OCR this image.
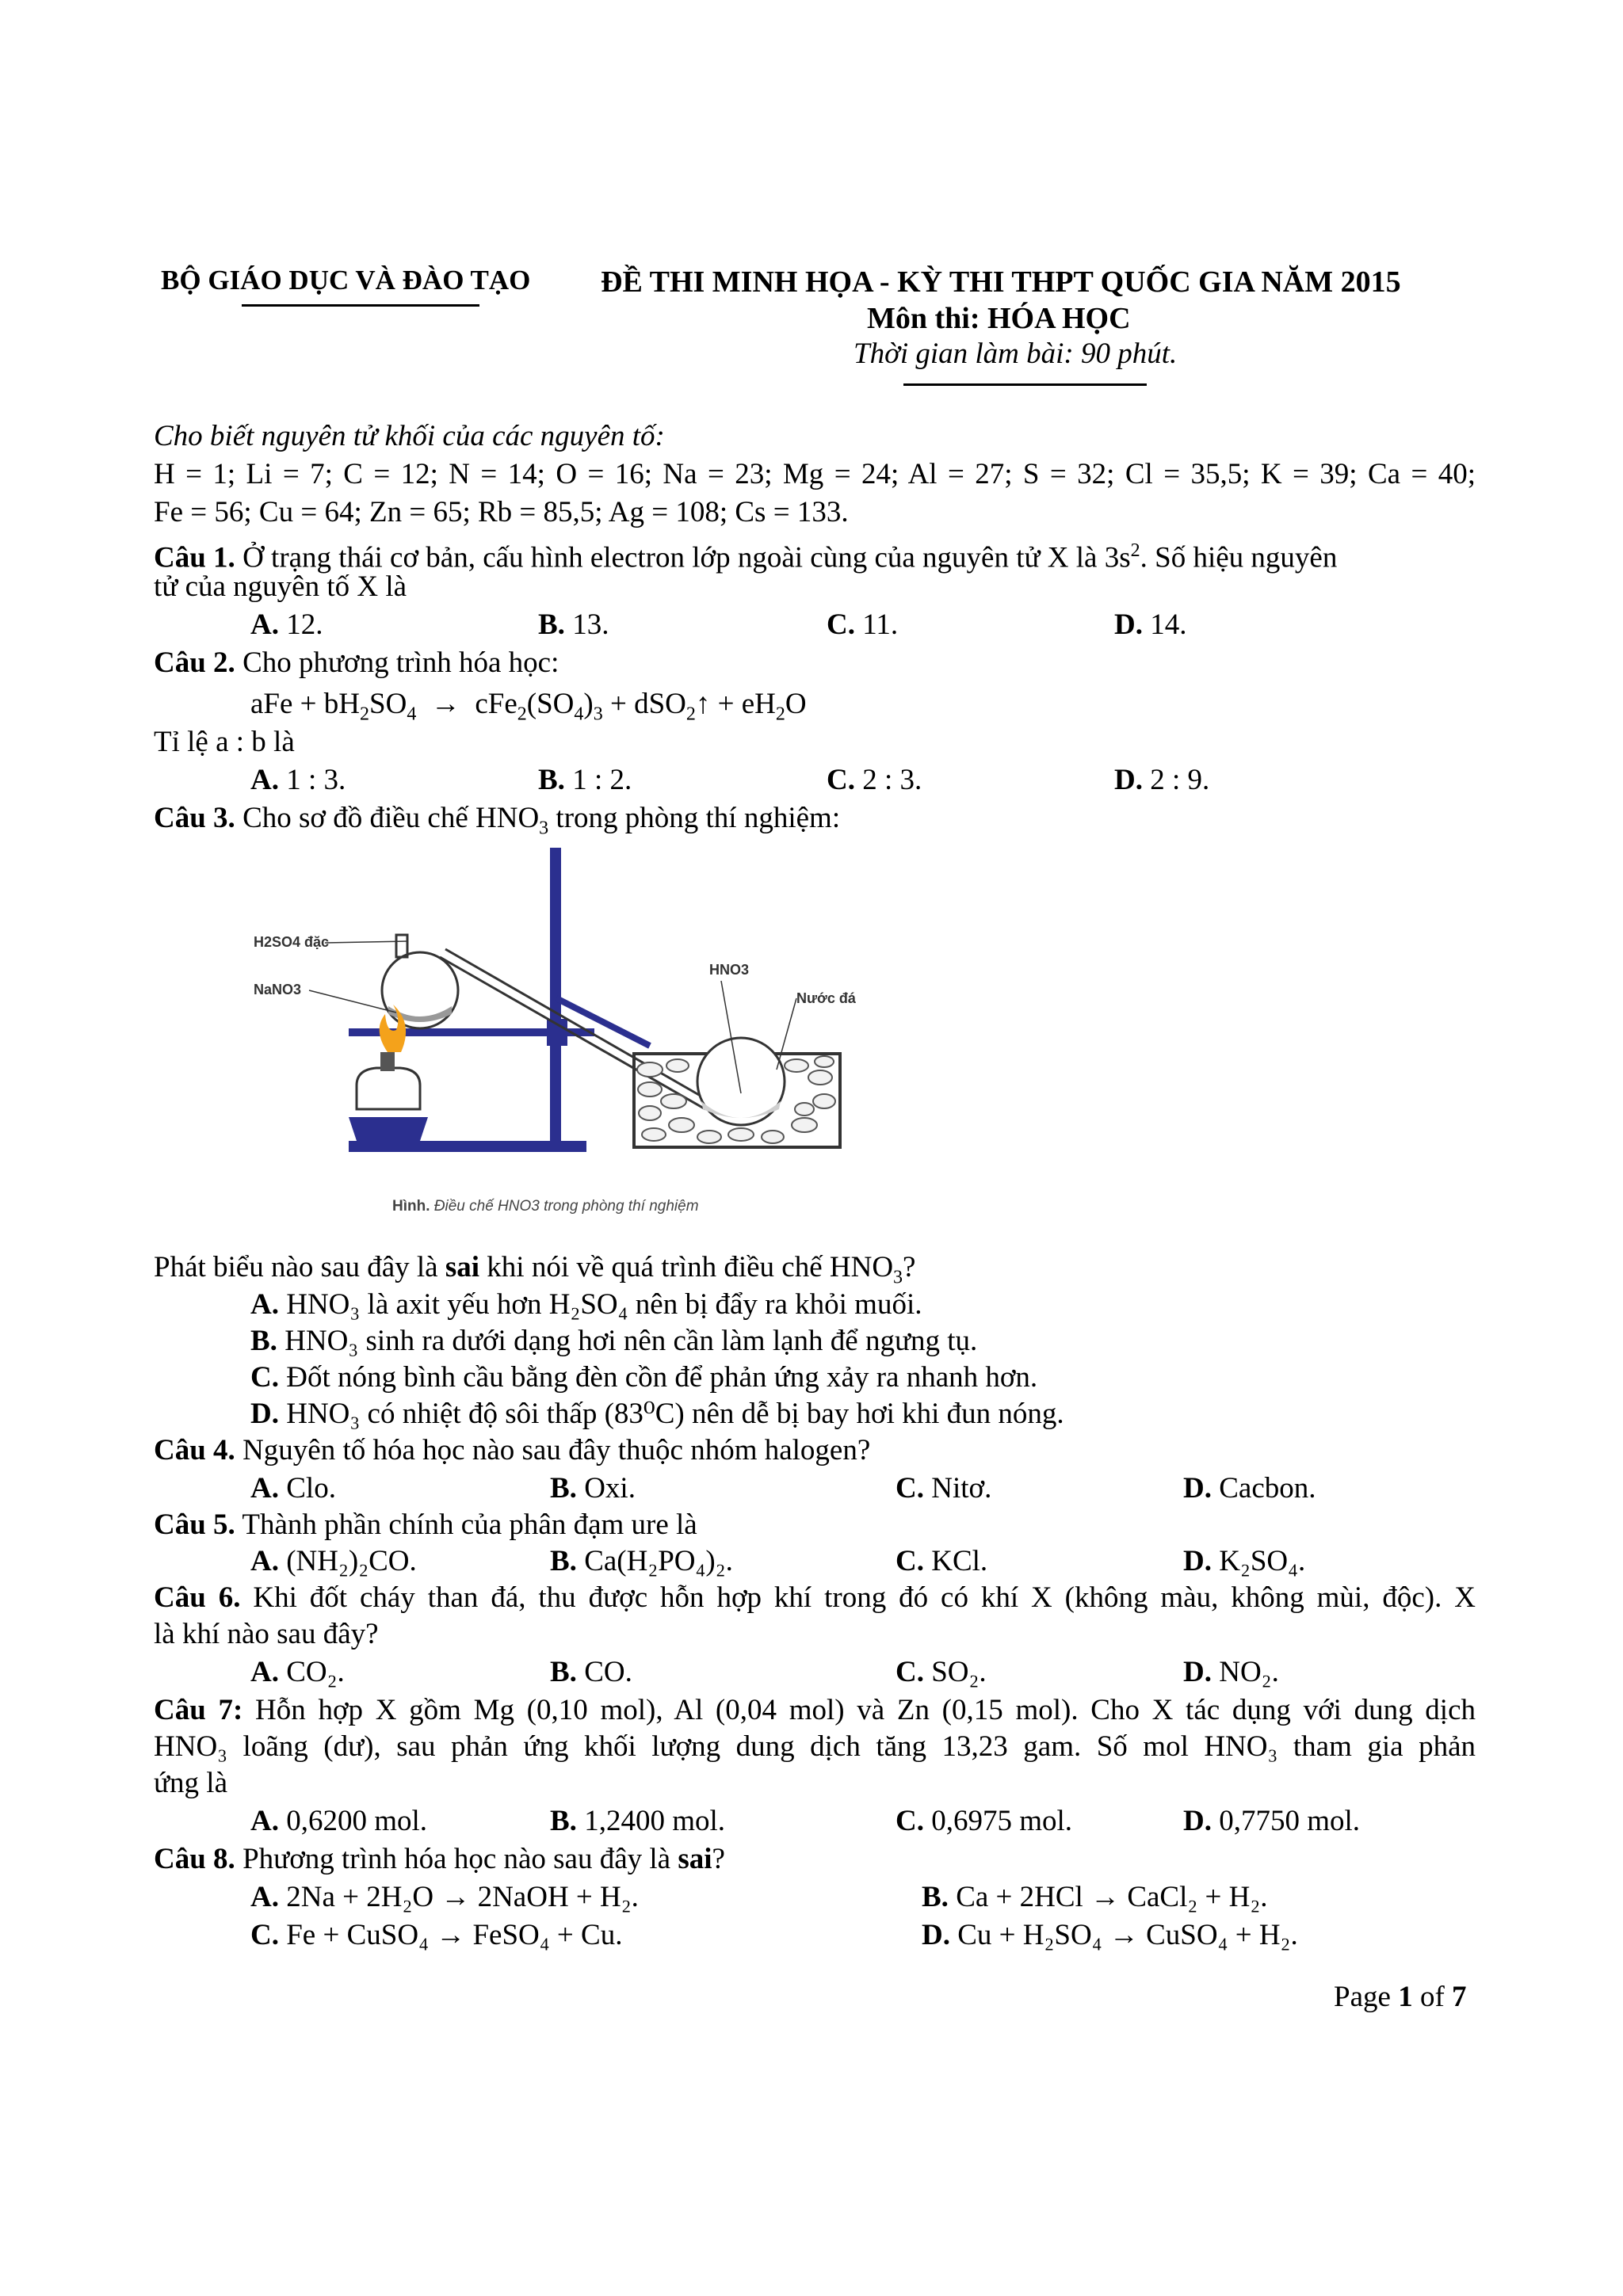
BỘ GIÁO DỤC VÀ ĐÀO TẠO ĐỀ THI MINH HỌA - KỲ THI THPT QUỐC GIA NĂM 2015
Môn thi: HÓA HỌC
Thời gian làm bài: 90 phút.
Cho biết nguyên tử khối của các nguyên tố:
H = 1; Li = 7; C = 12; N = 14; O = 16; Na = 23; Mg = 24; Al = 27; S = 32; Cl = 35,5; K = 39; Ca = 40;
Fe = 56; Cu = 64; Zn = 65; Rb = 85,5; Ag = 108; Cs = 133.
Câu 1. Ở trạng thái cơ bản, cấu hình electron lớp ngoài cùng của nguyên tử X là $3s^2$. Số hiệu nguyên
tử của nguyên tố X là
A. 12.	B. 13.	C. 11.	D. 14.
Câu 2. Cho phương trình hóa học:
aFe + $bH_2SO_4 \to cFe_2(SO_4)_3$ + dSO$_2$↑ + $eH_2O$
Tỉ lệ a : b là
A. 1 : 3.	B. 1 : 2.	C. 2 : 3.	D. 2 : 9.
Câu 3. Cho sơ đồ điều chế $HNO_3$ trong phòng thí nghiệm:
H2SO4 đặc
NaNO3
HNO3
Nước đá
Hình. Điều chế HNO3 trong phòng thí nghiệm
Phát biểu nào sau đây là sai khi nói về quá trình điều chế $HNO_3$?
A. HNO₃ là axit yếu hơn H₂SO₄ nên bị đẩy ra khỏi muối.
B. HNO₃ sinh ra dưới dạng hơi nên cần làm lạnh để ngưng tụ.
C. Đốt nóng bình cầu bằng đèn cồn để phản ứng xảy ra nhanh hơn.
D. HNO₃ có nhiệt độ sôi thấp (83⁰C) nên dễ bị bay hơi khi đun nóng.
Câu 4. Nguyên tố hóa học nào sau đây thuộc nhóm halogen?
A. Clo.	B. Oxi.	C. Nitơ.	D. Cacbon.
Câu 5. Thành phần chính của phân đạm ure là
A. (NH₂)₂CO.	B. Ca(H₂PO₄)₂.	C. KCl.	D. K₂SO₄.
Câu 6. Khi đốt cháy than đá, thu được hỗn hợp khí trong đó có khí X (không màu, không mùi, độc). X
là khí nào sau đây?
A. CO₂.	B. CO.	C. SO₂.	D. NO₂.
Câu 7: Hỗn hợp X gồm Mg (0,10 mol), Al (0,04 mol) và Zn (0,15 mol). Cho X tác dụng với dung dịch
HNO₃ loãng (dư), sau phản ứng khối lượng dung dịch tăng 13,23 gam. Số mol HNO₃ tham gia phản
ứng là
A. 0,6200 mol.	B. 1,2400 mol.	C. 0,6975 mol.	D. 0,7750 mol.
Câu 8. Phương trình hóa học nào sau đây là sai?
A. 2Na + 2H₂O → 2NaOH + H₂.	B. Ca + 2HCl → CaCl₂ + H₂.
C. Fe + CuSO₄ → FeSO₄ + Cu.	D. Cu + H₂SO₄ → CuSO₄ + H₂.
Page 1 of 7
